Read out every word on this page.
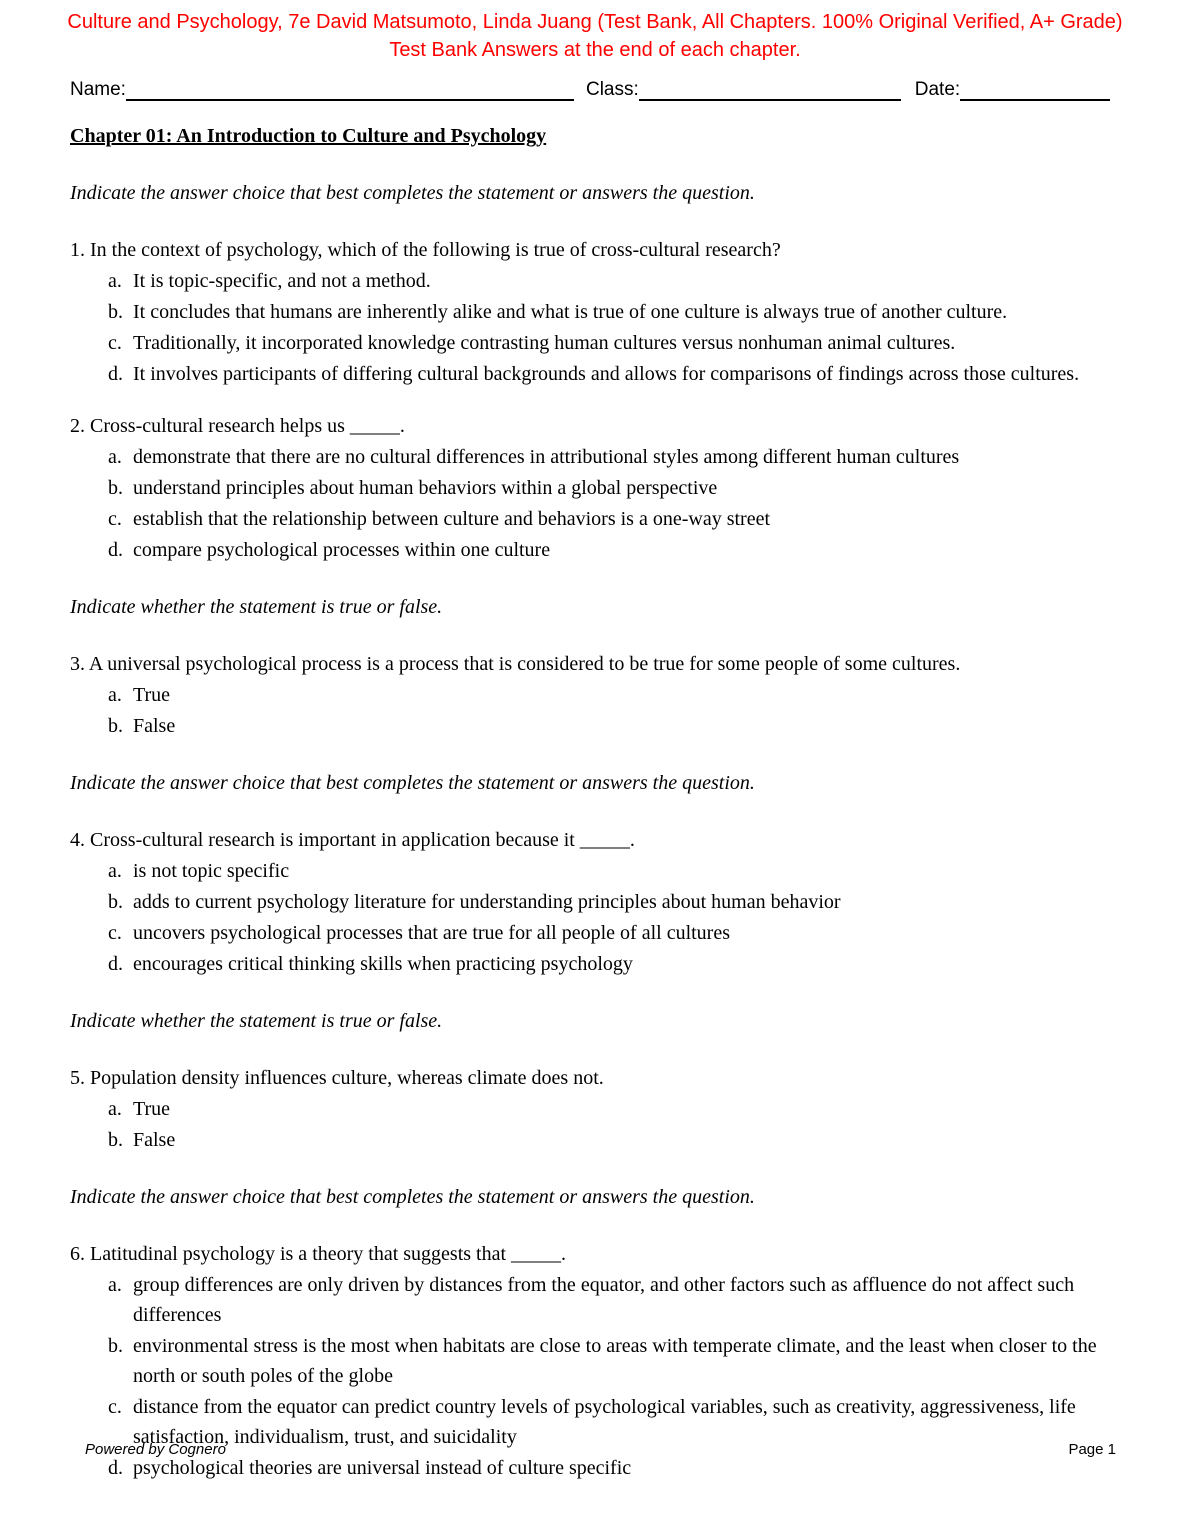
Culture and Psychology, 7e David Matsumoto, Linda Juang (Test Bank, All Chapters. 100% Original Verified, A+ Grade)
Test Bank Answers at the end of each chapter.
Name:	Class:	Date:
Chapter 01: An Introduction to Culture and Psychology

Indicate the answer choice that best completes the statement or answers the question.

1. In the context of psychology, which of the following is true of cross-cultural research?

a. It is topic-specific, and not a method.
b. It concludes that humans are inherently alike and what is true of one culture is always true of another culture.
c. Traditionally, it incorporated knowledge contrasting human cultures versus nonhuman animal cultures.
d. It involves participants of differing cultural backgrounds and allows for comparisons of findings across those cultures.

2. Cross-cultural research helps us _____.

a. demonstrate that there are no cultural differences in attributional styles among different human cultures
b. understand principles about human behaviors within a global perspective
c. establish that the relationship between culture and behaviors is a one-way street
d. compare psychological processes within one culture

Indicate whether the statement is true or false.

3. A universal psychological process is a process that is considered to be true for some people of some cultures.

a. True
b. False

Indicate the answer choice that best completes the statement or answers the question.

4. Cross-cultural research is important in application because it _____.

a. is not topic specific
b. adds to current psychology literature for understanding principles about human behavior
c. uncovers psychological processes that are true for all people of all cultures
d. encourages critical thinking skills when practicing psychology

Indicate whether the statement is true or false.

5. Population density influences culture, whereas climate does not.

a. True
b. False

Indicate the answer choice that best completes the statement or answers the question.

6. Latitudinal psychology is a theory that suggests that _____.

a. group differences are only driven by distances from the equator, and other factors such as affluence do not affect such differences
b. environmental stress is the most when habitats are close to areas with temperate climate, and the least when closer to the north or south poles of the globe
c. distance from the equator can predict country levels of psychological variables, such as creativity, aggressiveness, life satisfaction, individualism, trust, and suicidality
d. psychological theories are universal instead of culture specific
Powered by Cognero	Page 1
